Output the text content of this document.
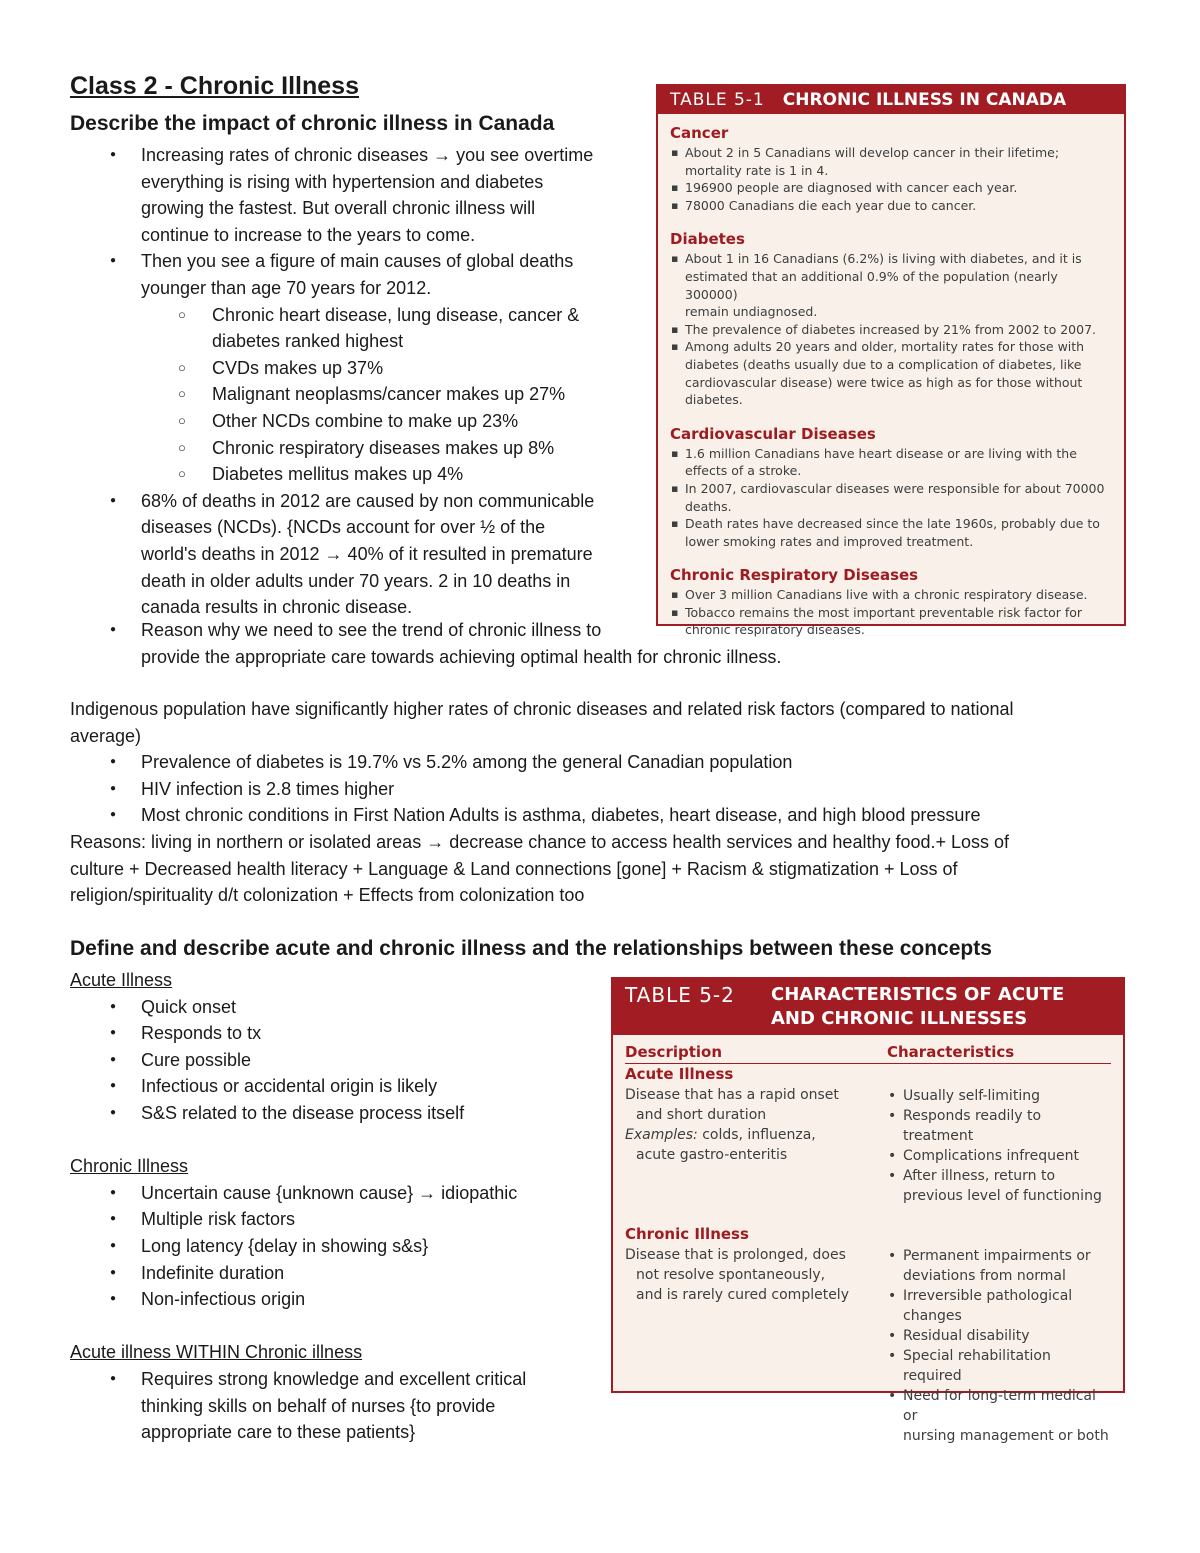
Class 2 - Chronic Illness
Describe the impact of chronic illness in Canada
● Increasing rates of chronic diseases → you see overtime
everything is rising with hypertension and diabetes
growing the fastest. But overall chronic illness will
continue to increase to the years to come.
● Then you see a figure of main causes of global deaths
younger than age 70 years for 2012.
○ Chronic heart disease, lung disease, cancer &
diabetes ranked highest
○ CVDs makes up 37%
○ Malignant neoplasms/cancer makes up 27%
○ Other NCDs combine to make up 23%
○ Chronic respiratory diseases makes up 8%
○ Diabetes mellitus makes up 4%
● 68% of deaths in 2012 are caused by non communicable
diseases (NCDs). {NCDs account for over ½ of the
world's deaths in 2012 → 40% of it resulted in premature
death in older adults under 70 years. 2 in 10 deaths in
canada results in chronic disease.
● Reason why we need to see the trend of chronic illness to
provide the appropriate care towards achieving optimal health for chronic illness.

Indigenous population have significantly higher rates of chronic diseases and related risk factors (compared to national

average)

● Prevalence of diabetes is 19.7% vs 5.2% among the general Canadian population
● HIV infection is 2.8 times higher
● Most chronic conditions in First Nation Adults is asthma, diabetes, heart disease, and high blood pressure

Reasons: living in northern or isolated areas → decrease chance to access health services and healthy food.+ Loss of

culture + Decreased health literacy + Language & Land connections [gone] + Racism & stigmatization + Loss of

religion/spirituality d/t colonization + Effects from colonization too

Define and describe acute and chronic illness and the relationships between these concepts
Acute Illness
● Quick onset
● Responds to tx
● Cure possible
● Infectious or accidental origin is likely
● S&S related to the disease process itself
Chronic Illness
● Uncertain cause {unknown cause} → idiopathic
● Multiple risk factors
● Long latency {delay in showing s&s}
● Indefinite duration
● Non-infectious origin
Acute illness WITHIN Chronic illness
● Requires strong knowledge and excellent critical
thinking skills on behalf of nurses {to provide
appropriate care to these patients}
TABLE 5-1 CHRONIC ILLNESS IN CANADA
Cancer
▪ About 2 in 5 Canadians will develop cancer in their lifetime;
mortality rate is 1 in 4.
▪ 196900 people are diagnosed with cancer each year.
▪ 78000 Canadians die each year due to cancer.
Diabetes
▪ About 1 in 16 Canadians (6.2%) is living with diabetes, and it is
estimated that an additional 0.9% of the population (nearly 300000)
remain undiagnosed.
▪ The prevalence of diabetes increased by 21% from 2002 to 2007.
▪ Among adults 20 years and older, mortality rates for those with
diabetes (deaths usually due to a complication of diabetes, like
cardiovascular disease) were twice as high as for those without
diabetes.
Cardiovascular Diseases
▪ 1.6 million Canadians have heart disease or are living with the
effects of a stroke.
▪ In 2007, cardiovascular diseases were responsible for about 70000
deaths.
▪ Death rates have decreased since the late 1960s, probably due to
lower smoking rates and improved treatment.
Chronic Respiratory Diseases
▪ Over 3 million Canadians live with a chronic respiratory disease.
▪ Tobacco remains the most important preventable risk factor for
chronic respiratory diseases.
TABLE 5-2	CHARACTERISTICS OF ACUTE
AND CHRONIC ILLNESSES
Description	Characteristics
Acute Illness
Disease that has a rapid onset
and short duration
Examples: colds, influenza,
acute gastro-enteritis
• Usually self-limiting
• Responds readily to treatment
• Complications infrequent
• After illness, return to
previous level of functioning
Chronic Illness
Disease that is prolonged, does
not resolve spontaneously,
and is rarely cured completely
• Permanent impairments or
deviations from normal
• Irreversible pathological
changes
• Residual disability
• Special rehabilitation required
• Need for long-term medical or
nursing management or both
